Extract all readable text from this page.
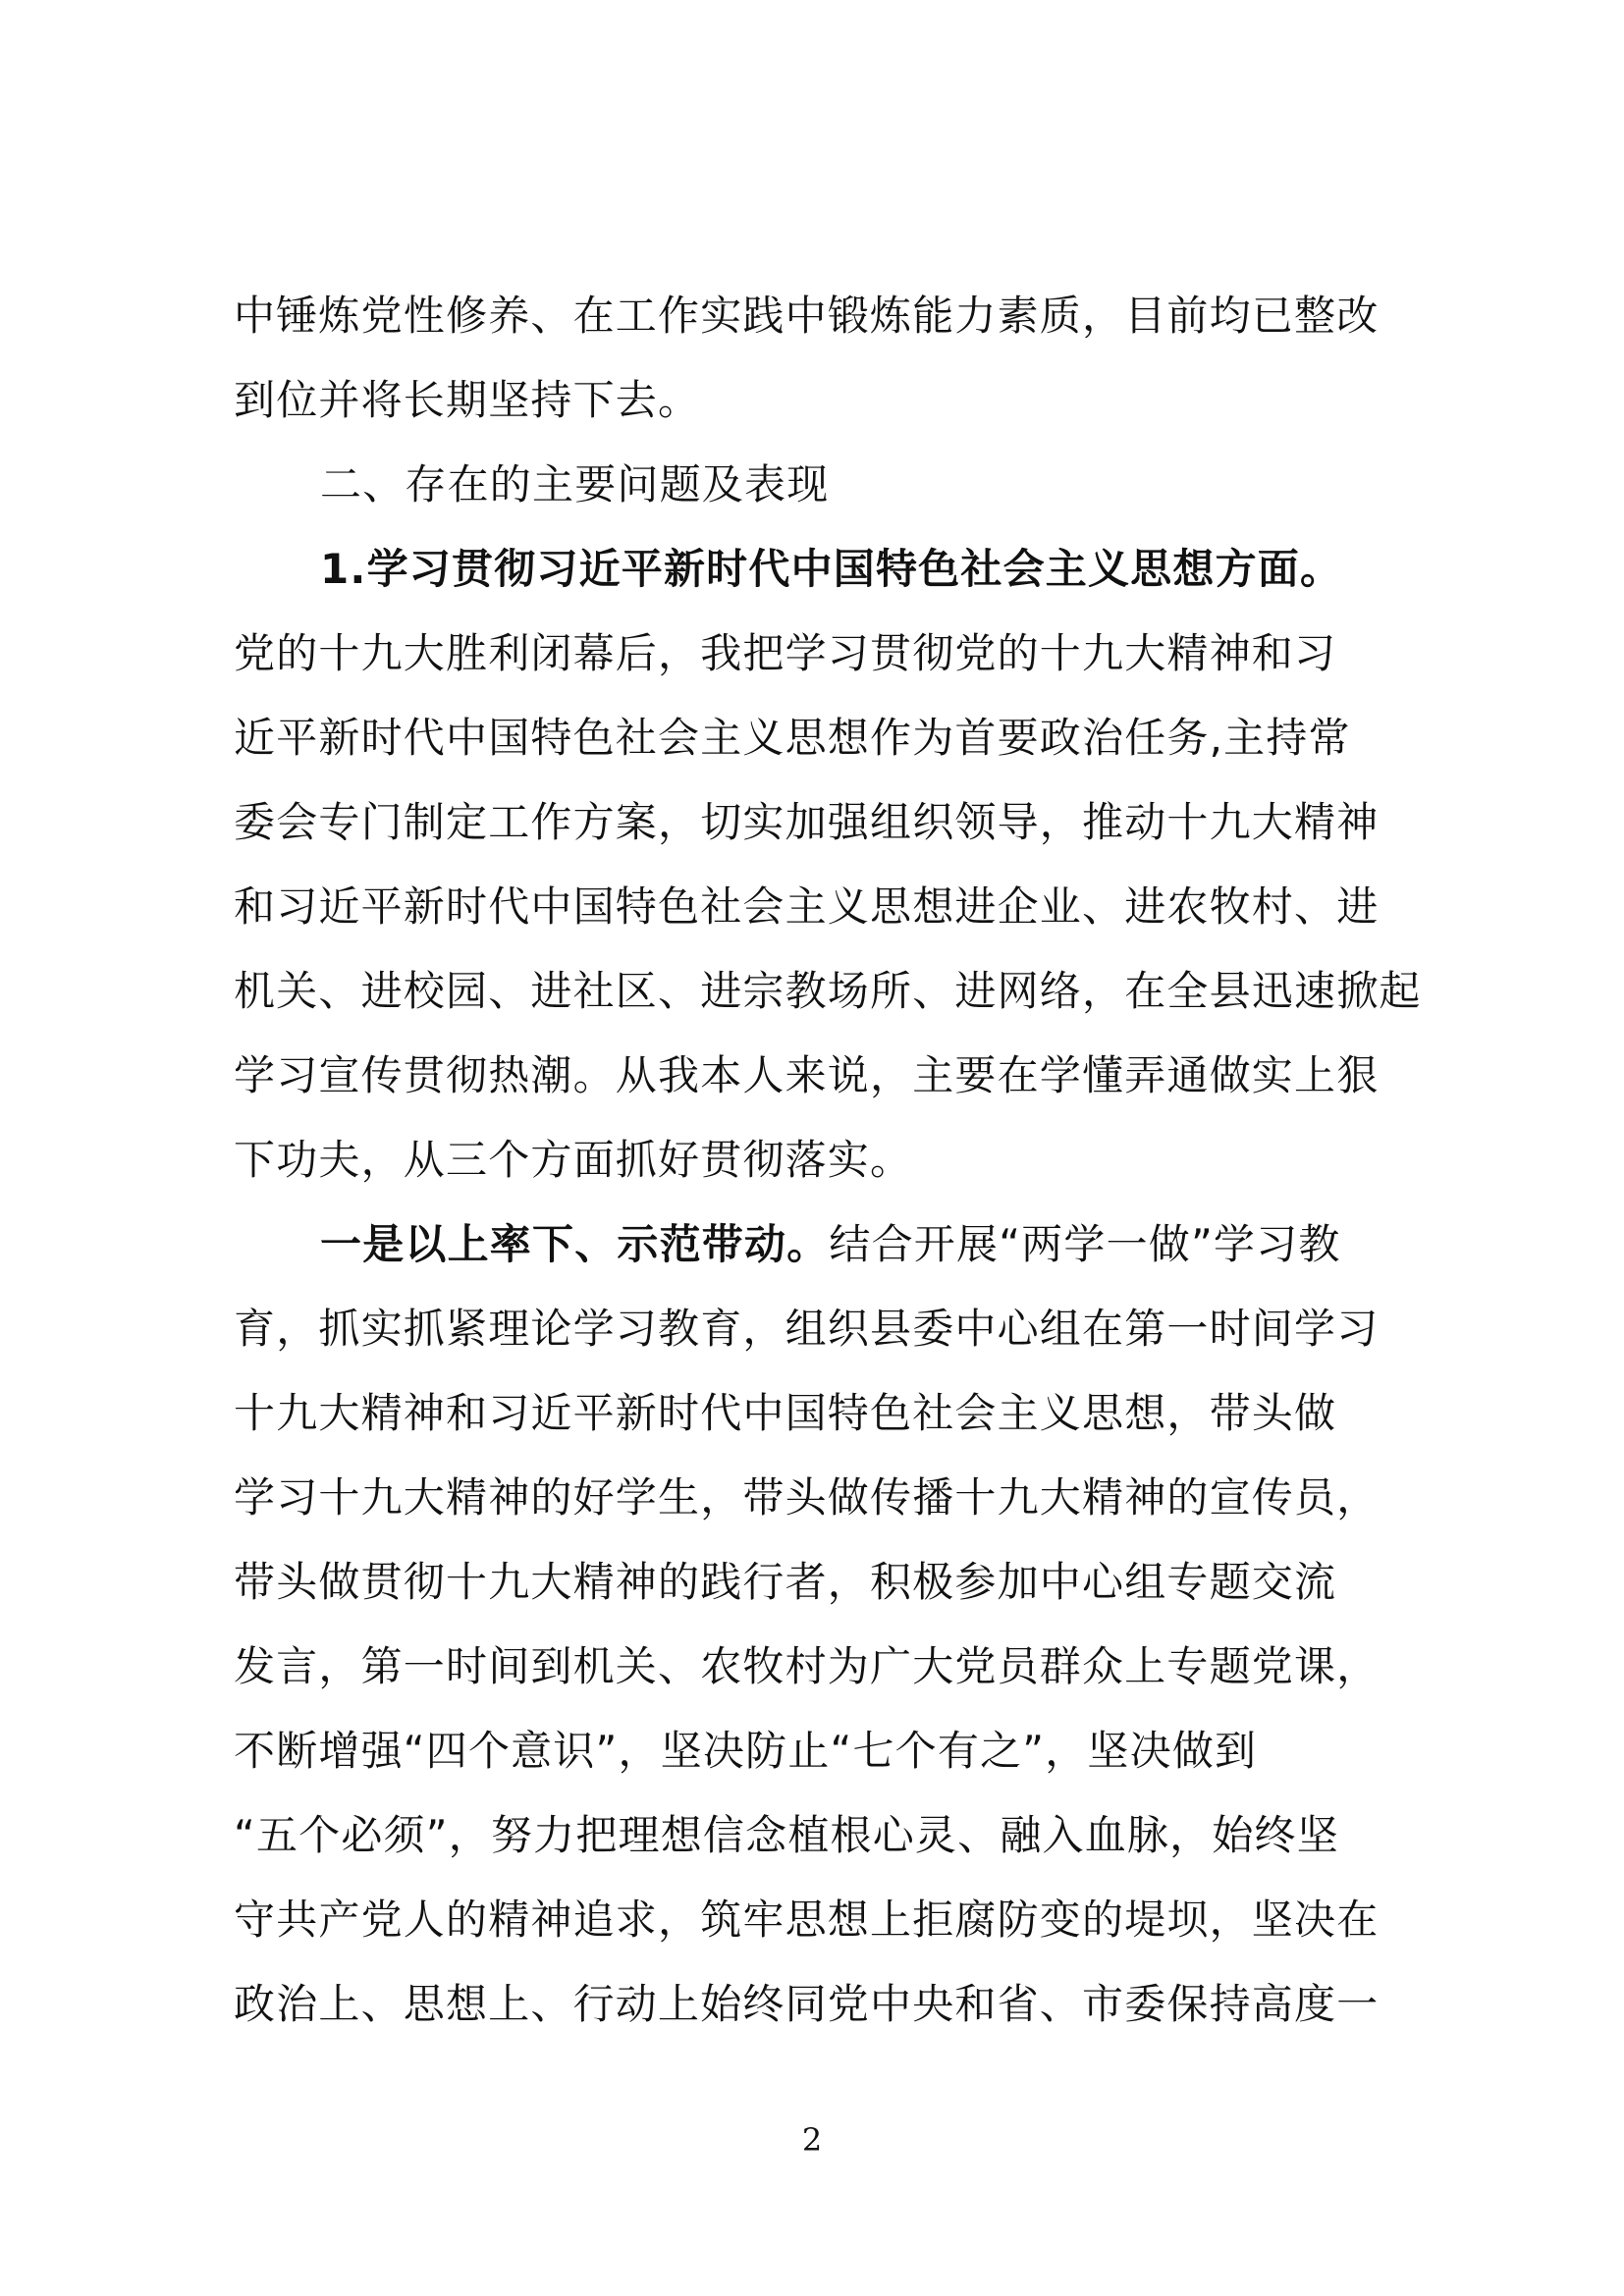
中锤炼党性修养、在工作实践中锻炼能力素质，目前均已整改
到位并将长期坚持下去。
二、存在的主要问题及表现
1.学习贯彻习近平新时代中国特色社会主义思想方面。
党的十九大胜利闭幕后，我把学习贯彻党的十九大精神和习
近平新时代中国特色社会主义思想作为首要政治任务,主持常
委会专门制定工作方案，切实加强组织领导，推动十九大精神
和习近平新时代中国特色社会主义思想进企业、进农牧村、进
机关、进校园、进社区、进宗教场所、进网络，在全县迅速掀起
学习宣传贯彻热潮。从我本人来说，主要在学懂弄通做实上狠
下功夫，从三个方面抓好贯彻落实。
一是以上率下、示范带动。结合开展“两学一做”学习教
育，抓实抓紧理论学习教育，组织县委中心组在第一时间学习
十九大精神和习近平新时代中国特色社会主义思想，带头做
学习十九大精神的好学生，带头做传播十九大精神的宣传员，
带头做贯彻十九大精神的践行者，积极参加中心组专题交流
发言，第一时间到机关、农牧村为广大党员群众上专题党课，
不断增强“四个意识”，坚决防止“七个有之”，坚决做到
“五个必须”，努力把理想信念植根心灵、融入血脉，始终坚
守共产党人的精神追求，筑牢思想上拒腐防变的堤坝，坚决在
政治上、思想上、行动上始终同党中央和省、市委保持高度一
2
